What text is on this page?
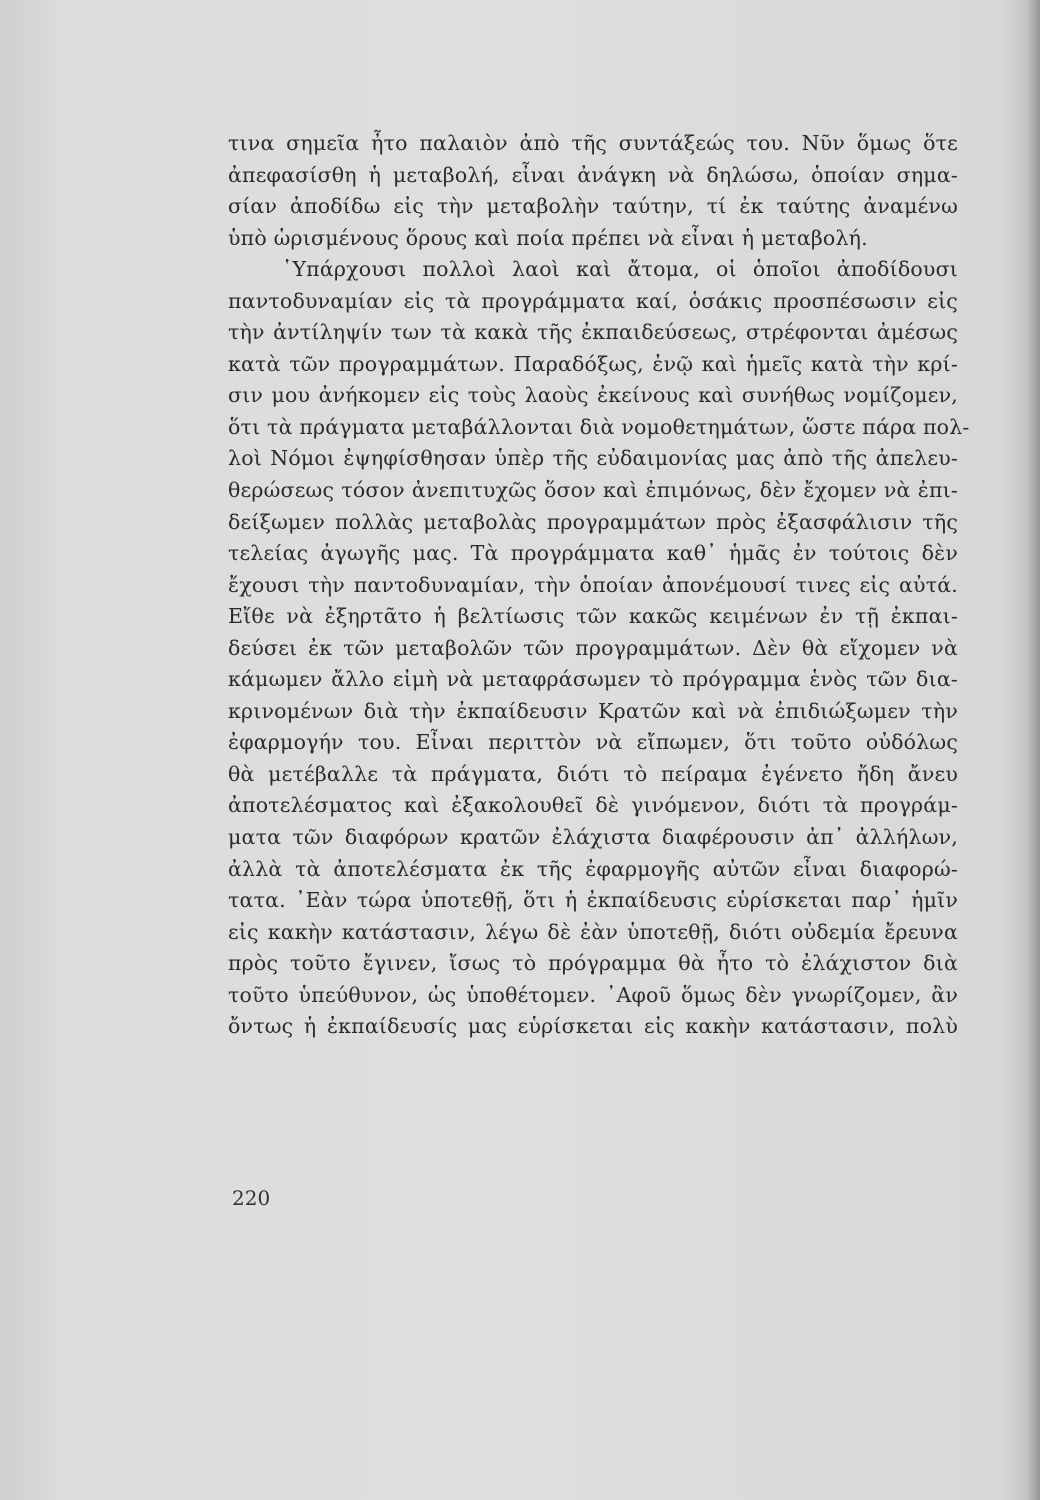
τινα σημεῖα ἦτο παλαιὸν ἀπὸ τῆς συντάξεώς του. Νῦν ὅμως ὅτε
ἀπεφασίσθη ἡ μεταβολή, εἶναι ἀνάγκη νὰ δηλώσω, ὁποίαν σημα-
σίαν ἀποδίδω εἰς τὴν μεταβολὴν ταύτην, τί ἐκ ταύτης ἀναμένω
ὑπὸ ὡρισμένους ὅρους καὶ ποία πρέπει νὰ εἶναι ἡ μεταβολή.
῾Υπάρχουσι πολλοὶ λαοὶ καὶ ἄτομα, οἱ ὁποῖοι ἀποδίδουσι
παντοδυναμίαν εἰς τὰ προγράμματα καί, ὁσάκις προσπέσωσιν εἰς
τὴν ἀντίληψίν των τὰ κακὰ τῆς ἐκπαιδεύσεως, στρέφονται ἀμέσως
κατὰ τῶν προγραμμάτων. Παραδόξως, ἐνῷ καὶ ἡμεῖς κατὰ τὴν κρί-
σιν μου ἀνήκομεν εἰς τοὺς λαοὺς ἐκείνους καὶ συνήθως νομίζομεν,
ὅτι τὰ πράγματα μεταβάλλονται διὰ νομοθετημάτων, ὥστε πάρα πολ-
λοὶ Νόμοι ἐψηφίσθησαν ὑπὲρ τῆς εὐδαιμονίας μας ἀπὸ τῆς ἀπελευ-
θερώσεως τόσον ἀνεπιτυχῶς ὅσον καὶ ἐπιμόνως, δὲν ἔχομεν νὰ ἐπι-
δείξωμεν πολλὰς μεταβολὰς προγραμμάτων πρὸς ἐξασφάλισιν τῆς
τελείας ἀγωγῆς μας. Τὰ προγράμματα καθ᾿ ἡμᾶς ἐν τούτοις δὲν
ἔχουσι τὴν παντοδυναμίαν, τὴν ὁποίαν ἀπονέμουσί τινες εἰς αὐτά.
Εἴθε νὰ ἐξηρτᾶτο ἡ βελτίωσις τῶν κακῶς κειμένων ἐν τῇ ἐκπαι-
δεύσει ἐκ τῶν μεταβολῶν τῶν προγραμμάτων. Δὲν θὰ εἴχομεν νὰ
κάμωμεν ἄλλο εἰμὴ νὰ μεταφράσωμεν τὸ πρόγραμμα ἑνὸς τῶν δια-
κρινομένων διὰ τὴν ἐκπαίδευσιν Κρατῶν καὶ νὰ ἐπιδιώξωμεν τὴν
ἐφαρμογήν του. Εἶναι περιττὸν νὰ εἴπωμεν, ὅτι τοῦτο οὐδόλως
θὰ μετέβαλλε τὰ πράγματα, διότι τὸ πείραμα ἐγένετο ἤδη ἄνευ
ἀποτελέσματος καὶ ἐξακολουθεῖ δὲ γινόμενον, διότι τὰ προγράμ-
ματα τῶν διαφόρων κρατῶν ἐλάχιστα διαφέρουσιν ἀπ᾿ ἀλλήλων,
ἀλλὰ τὰ ἀποτελέσματα ἐκ τῆς ἐφαρμογῆς αὐτῶν εἶναι διαφορώ-
τατα. ᾿Εὰν τώρα ὑποτεθῇ, ὅτι ἡ ἐκπαίδευσις εὑρίσκεται παρ᾿ ἡμῖν
εἰς κακὴν κατάστασιν, λέγω δὲ ἐὰν ὑποτεθῇ, διότι οὐδεμία ἔρευνα
πρὸς τοῦτο ἔγινεν, ἴσως τὸ πρόγραμμα θὰ ἦτο τὸ ἐλάχιστον διὰ
τοῦτο ὑπεύθυνον, ὡς ὑποθέτομεν. ᾿Αφοῦ ὅμως δὲν γνωρίζομεν, ἂν
ὄντως ἡ ἐκπαίδευσίς μας εὑρίσκεται εἰς κακὴν κατάστασιν, πολὺ
220
